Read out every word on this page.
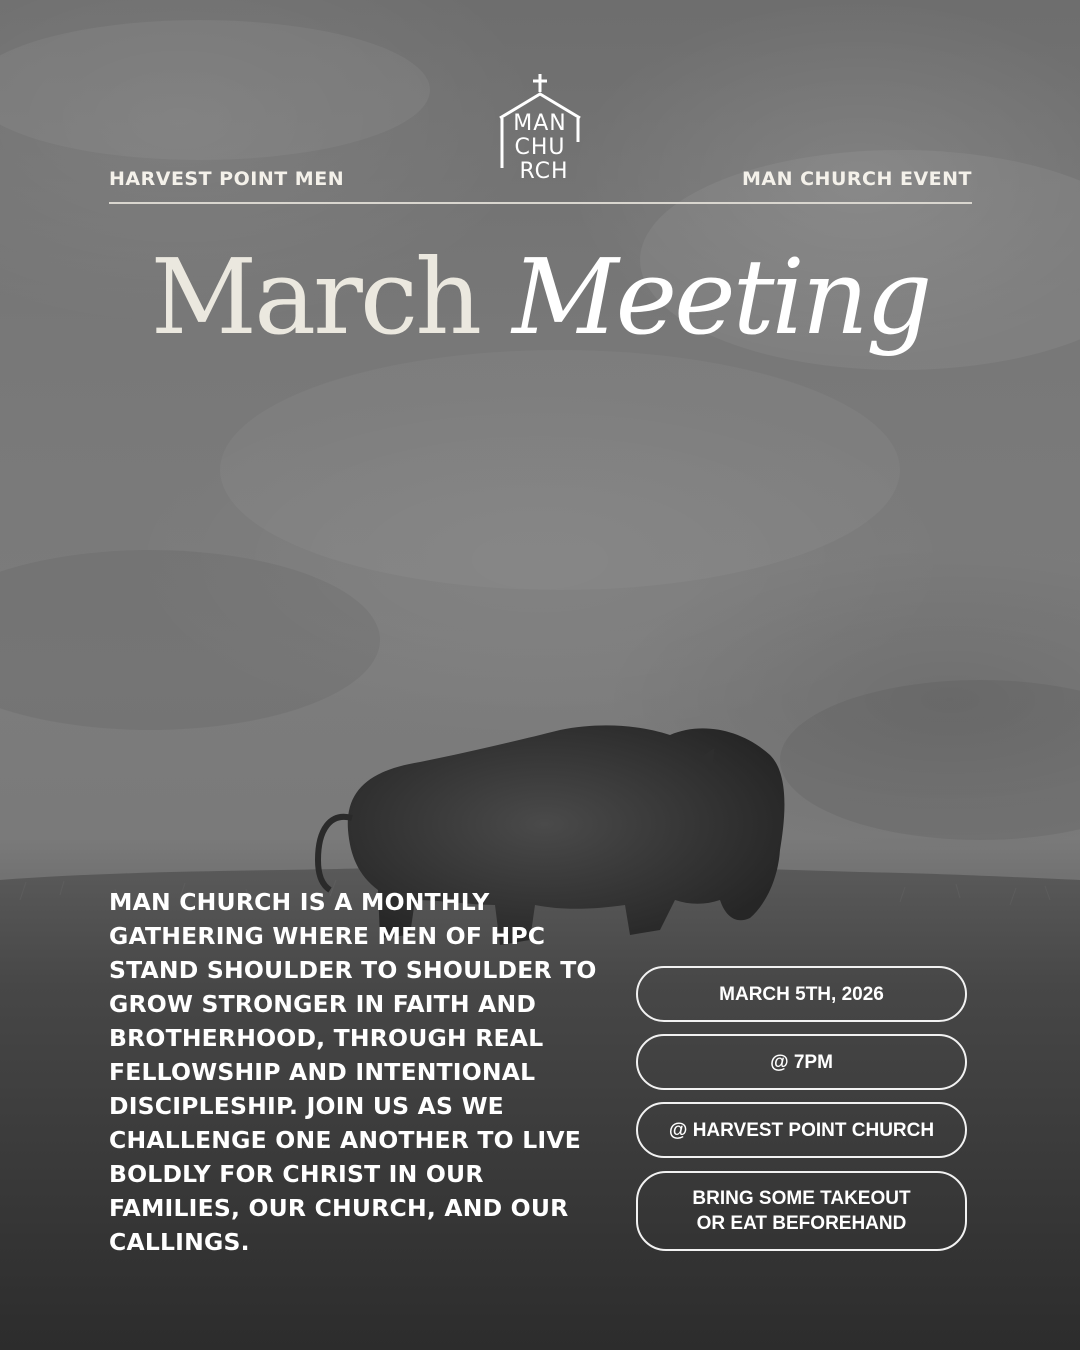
MAN
CHU
RCH
HARVEST POINT MEN	MAN CHURCH EVENT
March Meeting
MAN CHURCH IS A MONTHLY GATHERING WHERE MEN OF HPC STAND SHOULDER TO SHOULDER TO GROW STRONGER IN FAITH AND BROTHERHOOD, THROUGH REAL FELLOWSHIP AND INTENTIONAL DISCIPLESHIP. JOIN US AS WE CHALLENGE ONE ANOTHER TO LIVE BOLDLY FOR CHRIST IN OUR FAMILIES, OUR CHURCH, AND OUR CALLINGS.
MARCH 5TH, 2026
@ 7PM
@ HARVEST POINT CHURCH
BRING SOME TAKEOUT
OR EAT BEFOREHAND
